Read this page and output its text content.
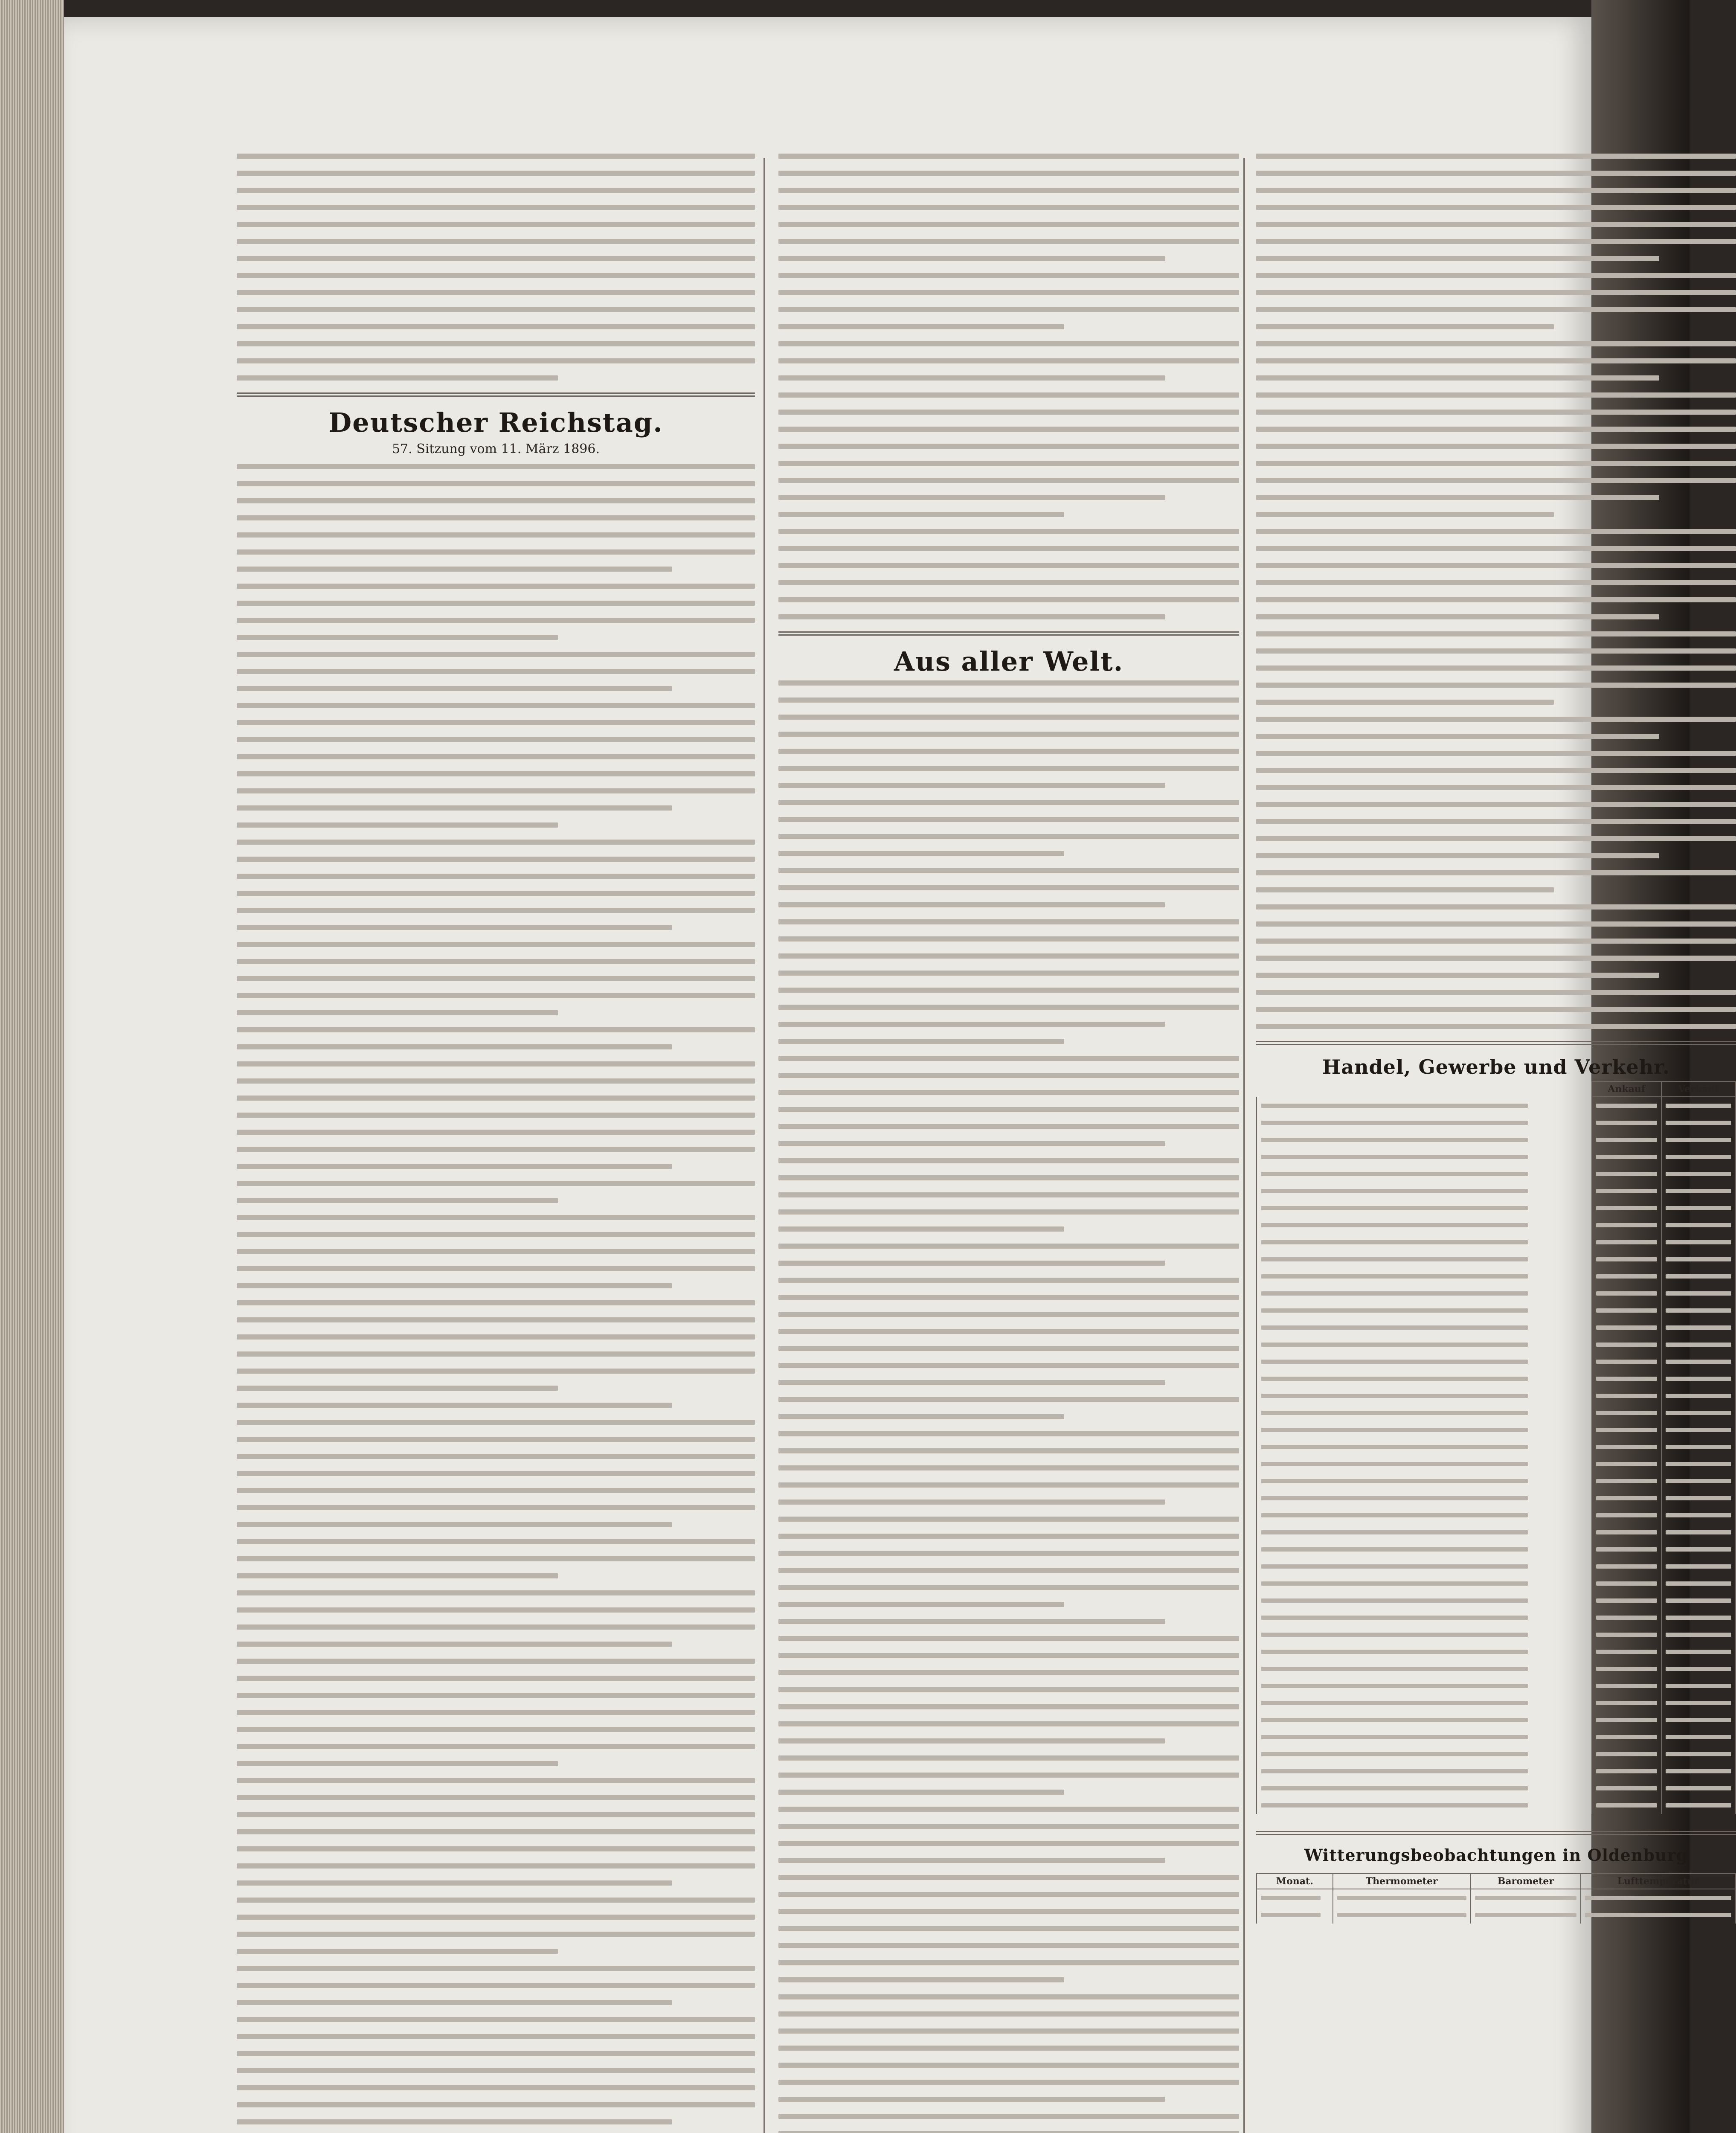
Deutscher Reichstag.
57. Sitzung vom 11. März 1896.
Aus aller Welt.
Handel, Gewerbe und Verkehr.
	Ankauf	Verkauf

Witterungsbeobachtungen in Oldenburg
Monat.	Thermometer	Barometer	Lufttemperatur
